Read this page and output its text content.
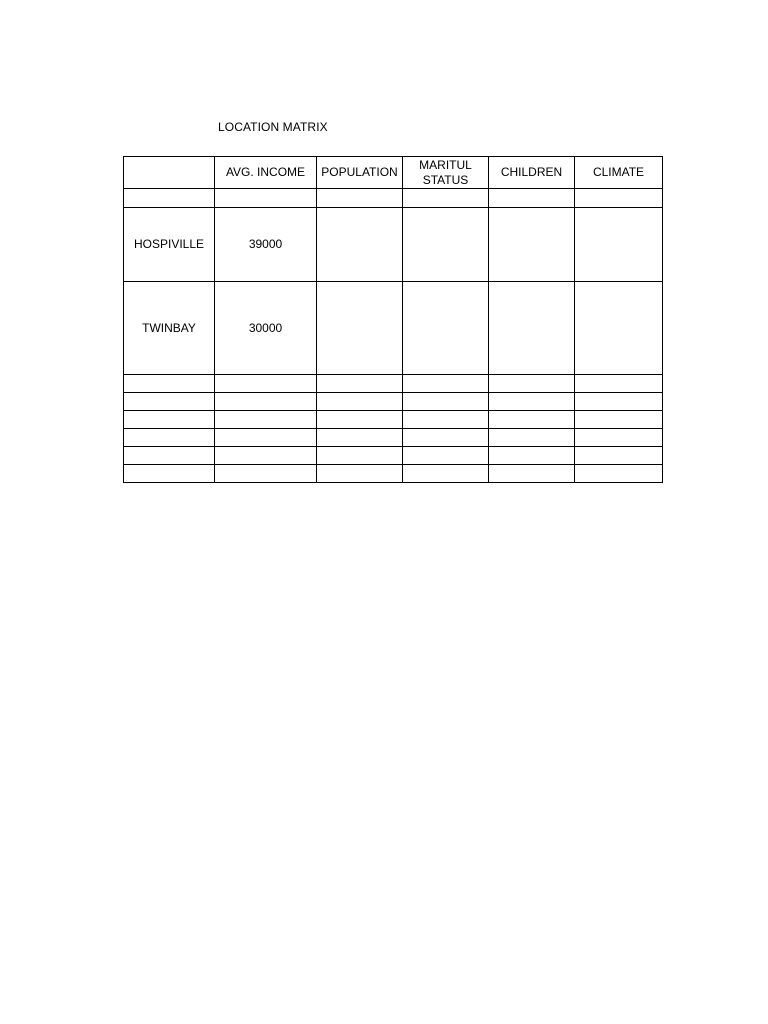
LOCATION MATRIX
	AVG. INCOME	POPULATION	MARITUL STATUS	CHILDREN	CLIMATE

HOSPIVILLE	39000				
TWINBAY	30000				
